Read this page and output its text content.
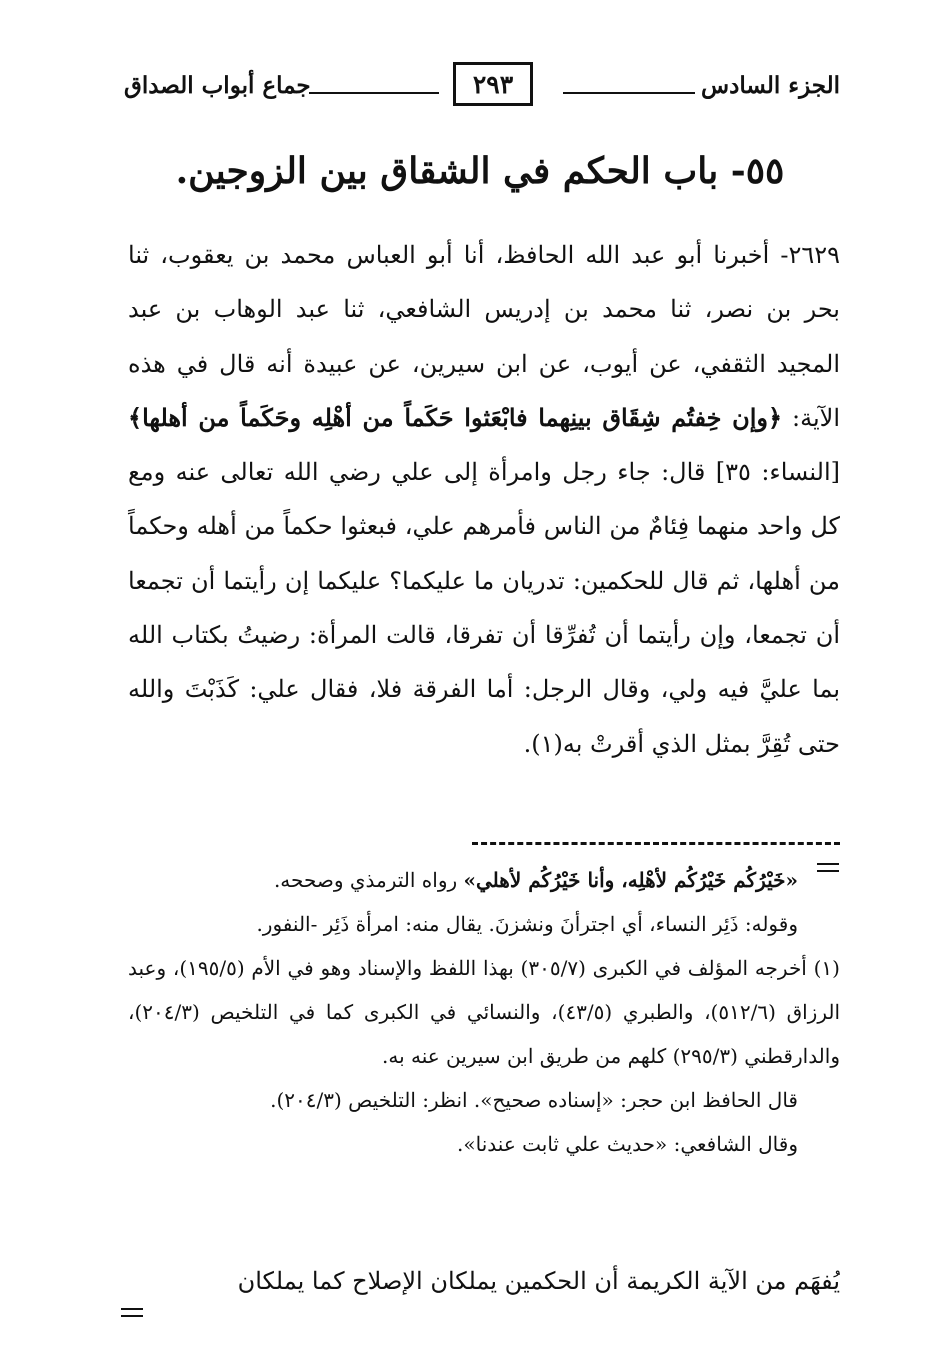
الجزء السادس
٢٩٣
جماع أبواب الصداق
٥٥- باب الحكم في الشقاق بين الزوجين.
٢٦٢٩- أخبرنا أبو عبد الله الحافظ، أنا أبو العباس محمد بن يعقوب، ثنا بحر بن نصر، ثنا محمد بن إدريس الشافعي، ثنا عبد الوهاب بن عبد المجيد الثقفي، عن أيوب، عن ابن سيرين، عن عبيدة أنه قال في هذه الآية: ﴿وإن خِفتُم شِقَاق بينِهما فابْعَثوا حَكَماً من أهْلِه وحَكَماً من أهلها﴾ [النساء: ٣٥] قال: جاء رجل وامرأة إلى علي رضي الله تعالى عنه ومع كل واحد منهما فِئامٌ من الناس فأمرهم علي، فبعثوا حكماً من أهله وحكماً من أهلها، ثم قال للحكمين: تدريان ما عليكما؟ عليكما إن رأيتما أن تجمعا أن تجمعا، وإن رأيتما أن تُفرِّقا أن تفرقا، قالت المرأة: رضيتُ بكتاب الله بما عليَّ فيه ولي، وقال الرجل: أما الفرقة فلا، فقال علي: كَذَبْتَ والله حتى تُقِرَّ بمثل الذي أقرتْ به(١).
«خَيْرُكُم خَيْرُكُم لأهْلِه، وأنا خَيْرُكُم لأهلي» رواه الترمذي وصححه.
وقوله: ذَئِر النساء، أي اجترأنَ ونشزنَ. يقال منه: امرأة ذَئِر -النفور.
(١) أخرجه المؤلف في الكبرى (٣٠٥/٧) بهذا اللفظ والإسناد وهو في الأم (١٩٥/٥)، وعبد الرزاق (٥١٢/٦)، والطبري (٤٣/٥)، والنسائي في الكبرى كما في التلخيص (٢٠٤/٣)، والدارقطني (٢٩٥/٣) كلهم من طريق ابن سيرين عنه به.
قال الحافظ ابن حجر: «إسناده صحيح». انظر: التلخيص (٢٠٤/٣).
وقال الشافعي: «حديث علي ثابت عندنا».
يُفهَم من الآية الكريمة أن الحكمين يملكان الإصلاح كما يملكان
